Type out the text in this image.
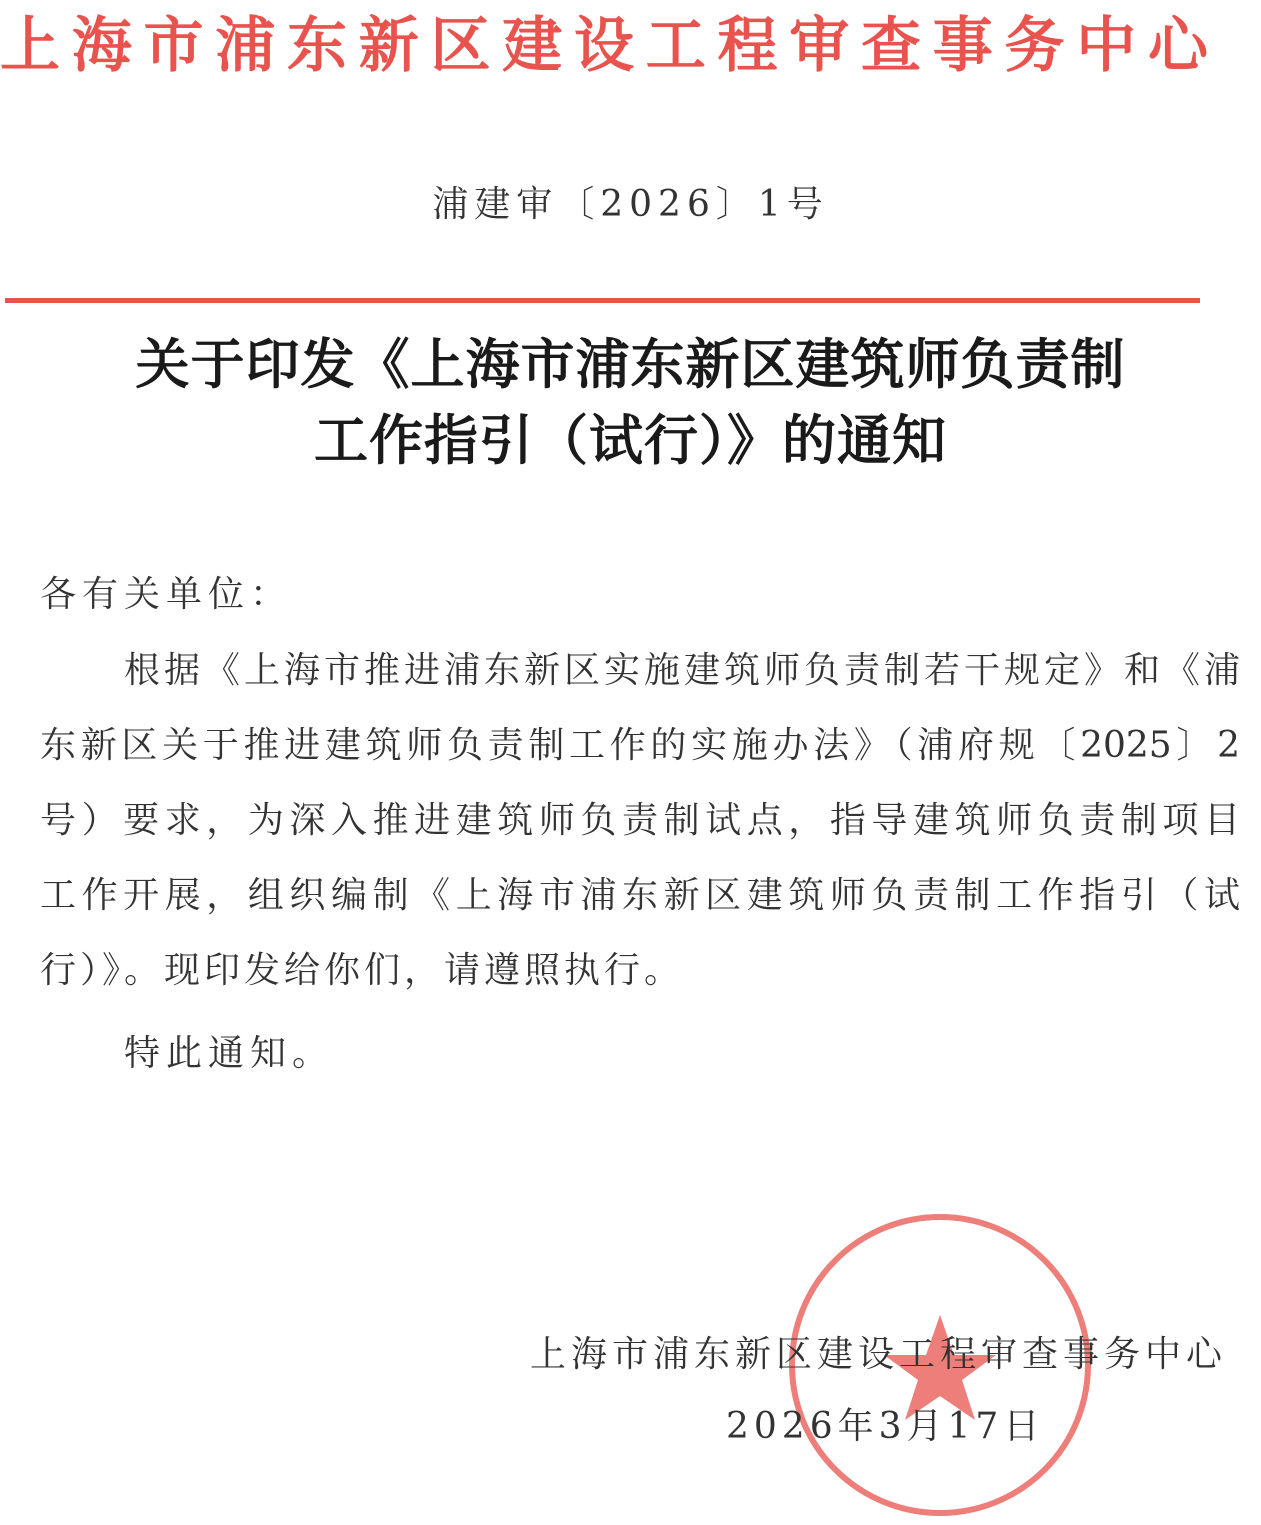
上海市浦东新区建设工程审查事务中心
浦建审〔2026〕1号
关于印发《上海市浦东新区建筑师负责制
工作指引（试行）》的通知
各有关单位：
根据《上海市推进浦东新区实施建筑师负责制若干规定》和《浦
东新区关于推进建筑师负责制工作的实施办法》（浦府规〔2025〕2
号）要求，为深入推进建筑师负责制试点，指导建筑师负责制项目
工作开展，组织编制《上海市浦东新区建筑师负责制工作指引（试
行）》。现印发给你们，请遵照执行。
特此通知。
上海市浦东新区建设工程审查事务中心
2026年3月17日
